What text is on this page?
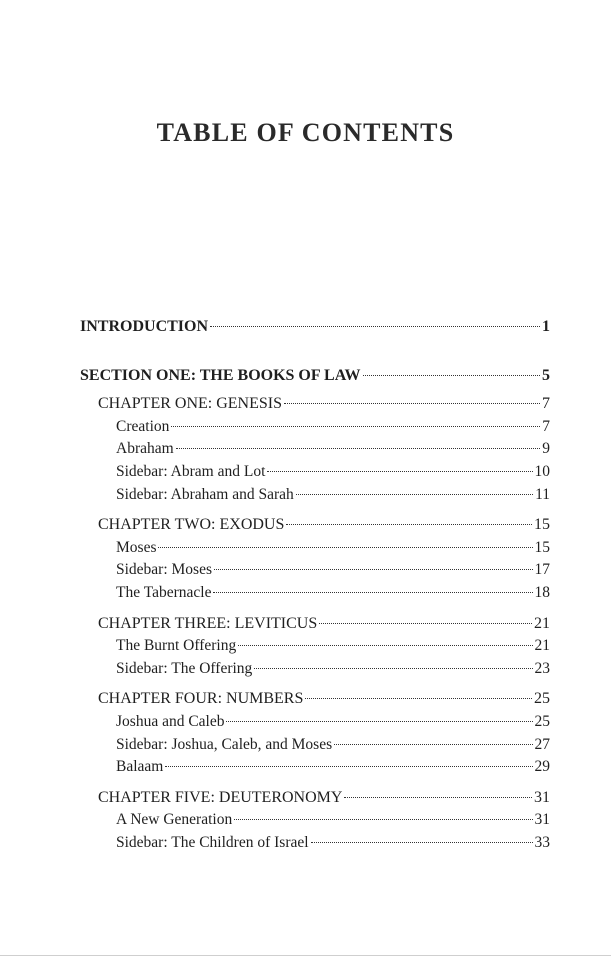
TABLE OF CONTENTS
INTRODUCTION	1
SECTION ONE: THE BOOKS OF LAW	5
CHAPTER ONE: GENESIS	7
Creation	7
Abraham	9
Sidebar: Abram and Lot	10
Sidebar: Abraham and Sarah	11
CHAPTER TWO: EXODUS	15
Moses	15
Sidebar: Moses	17
The Tabernacle	18
CHAPTER THREE: LEVITICUS	21
The Burnt Offering	21
Sidebar: The Offering	23
CHAPTER FOUR: NUMBERS	25
Joshua and Caleb	25
Sidebar: Joshua, Caleb, and Moses	27
Balaam	29
CHAPTER FIVE: DEUTERONOMY	31
A New Generation	31
Sidebar: The Children of Israel	33
